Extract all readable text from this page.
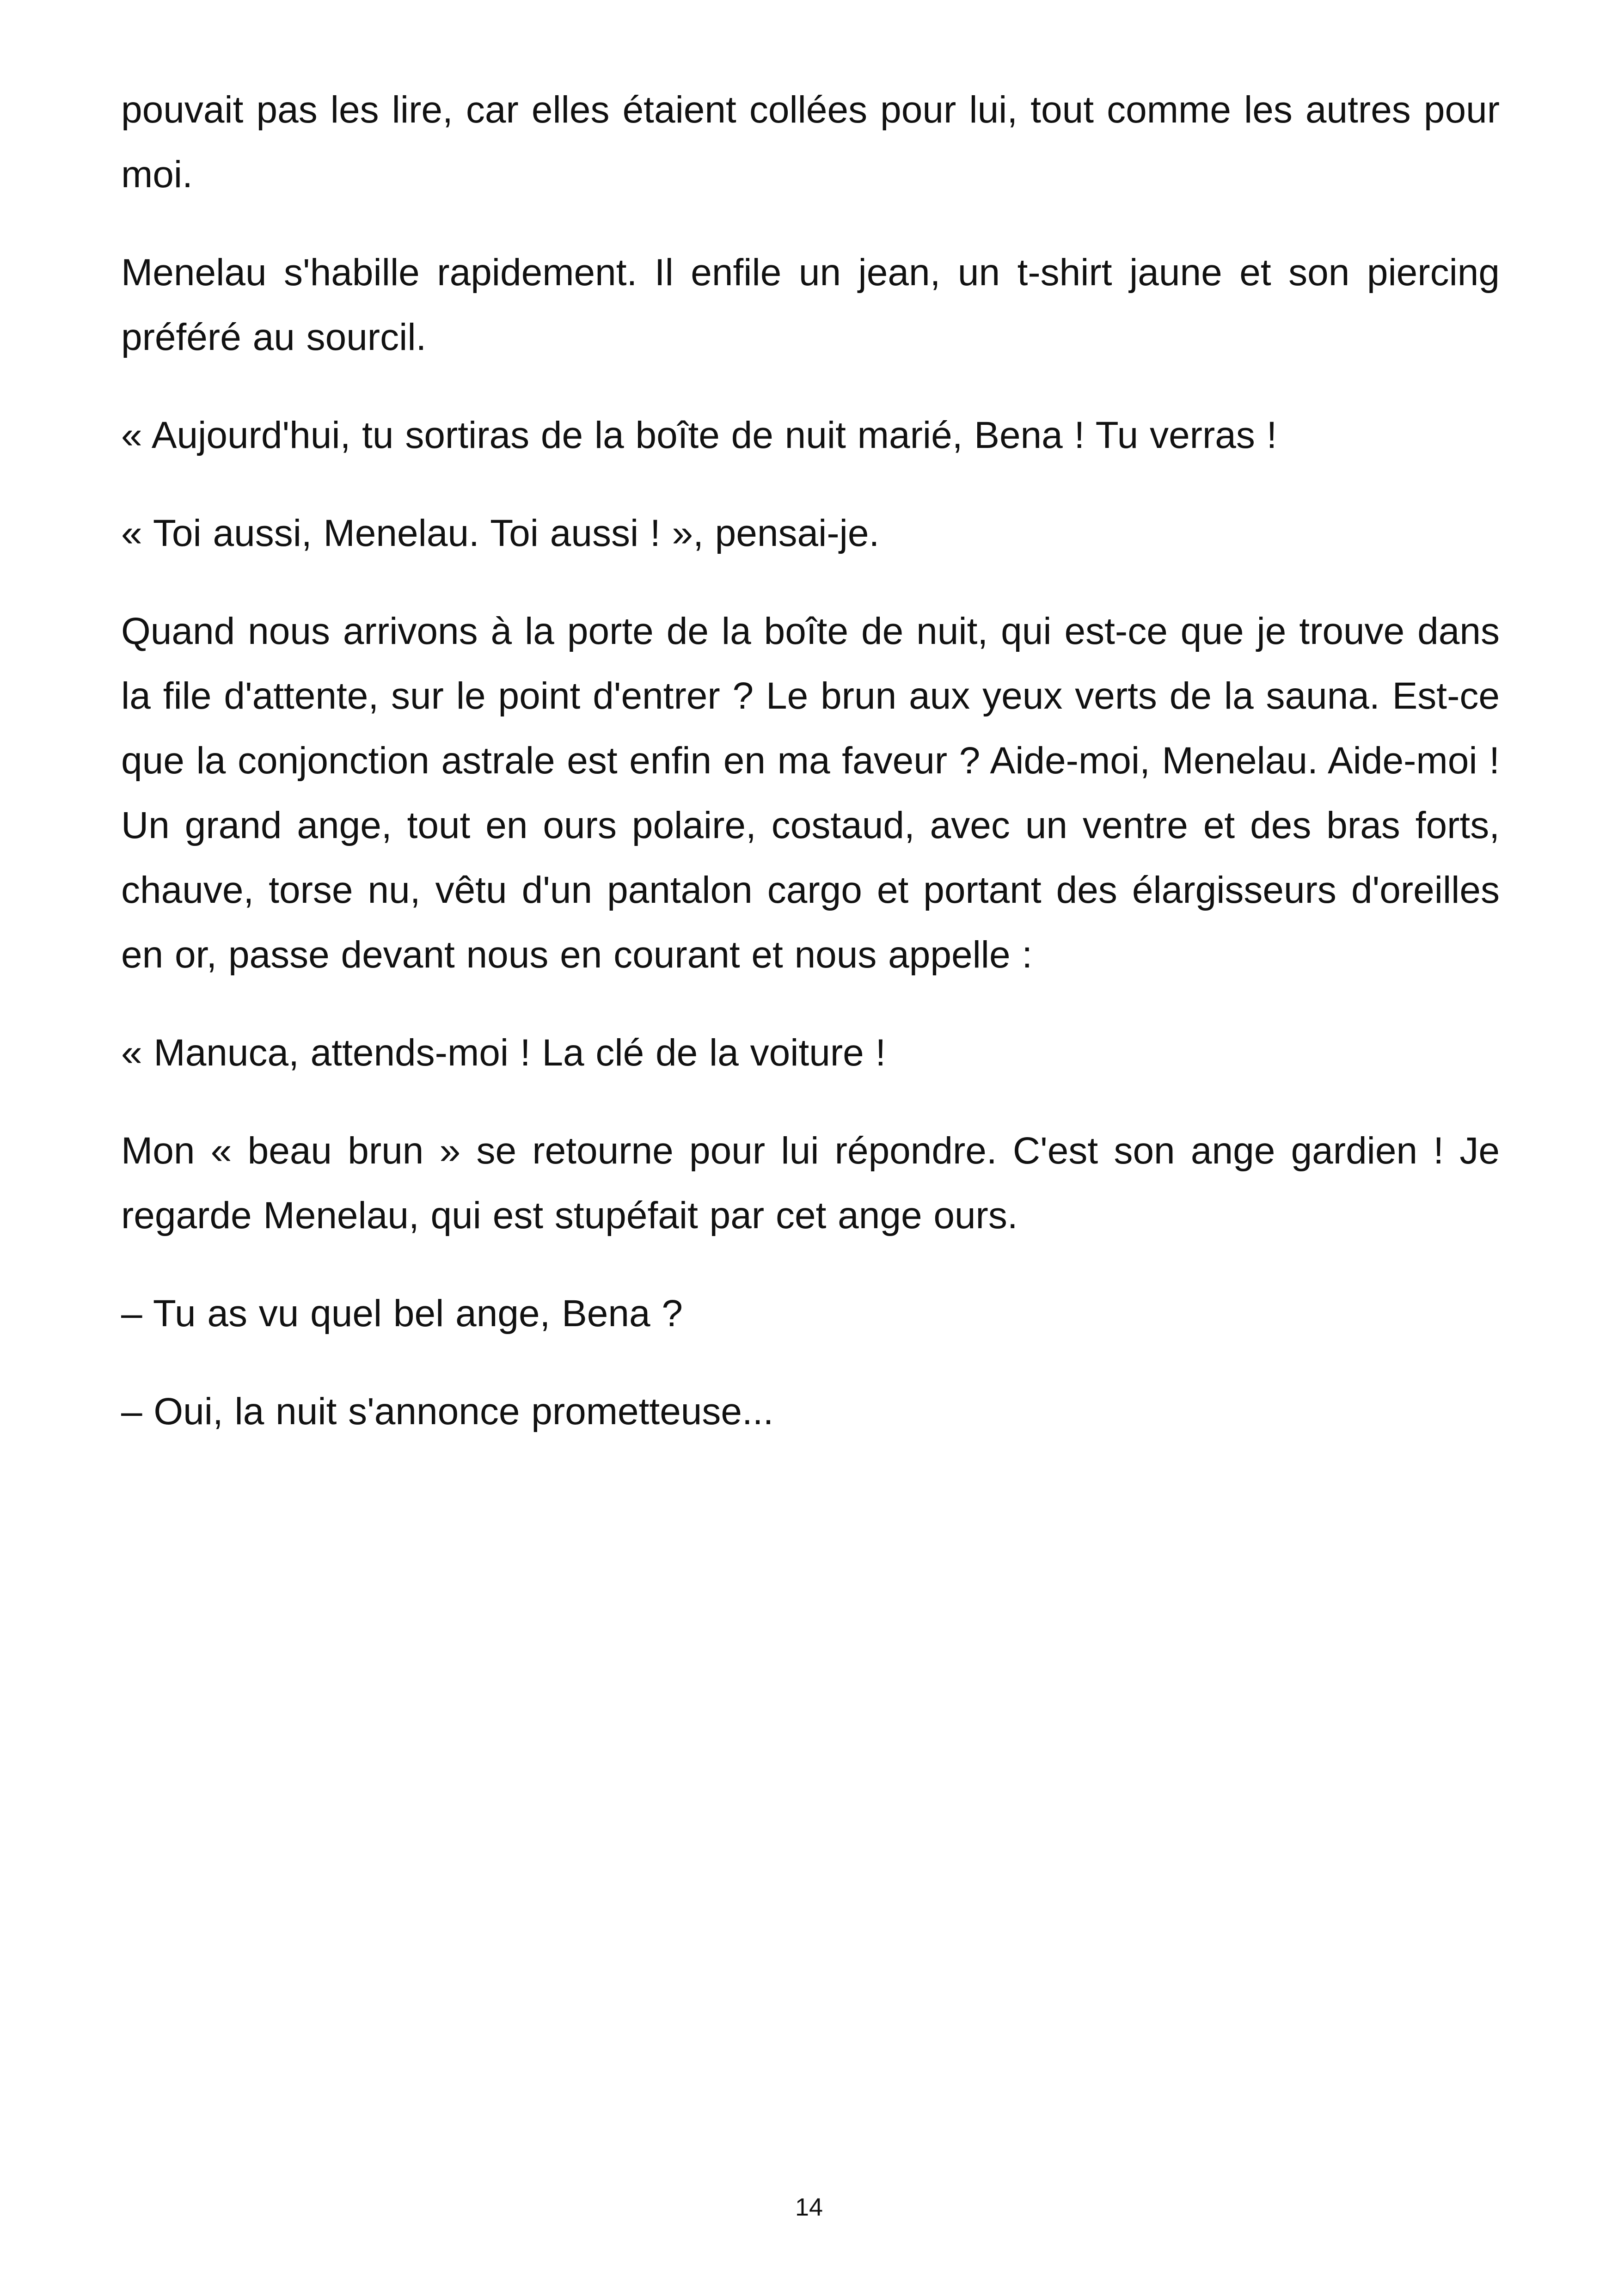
pouvait pas les lire, car elles étaient collées pour lui, tout comme les autres pour moi.

Menelau s'habille rapidement. Il enfile un jean, un t-shirt jaune et son piercing préféré au sourcil.

« Aujourd'hui, tu sortiras de la boîte de nuit marié, Bena ! Tu verras !

« Toi aussi, Menelau. Toi aussi ! », pensai-je.

Quand nous arrivons à la porte de la boîte de nuit, qui est-ce que je trouve dans la file d'attente, sur le point d'entrer ? Le brun aux yeux verts de la sauna. Est-ce que la conjonction astrale est enfin en ma faveur ? Aide-moi, Menelau. Aide-moi ! Un grand ange, tout en ours polaire, costaud, avec un ventre et des bras forts, chauve, torse nu, vêtu d'un pantalon cargo et portant des élargisseurs d'oreilles en or, passe devant nous en courant et nous appelle :

« Manuca, attends-moi ! La clé de la voiture !

Mon « beau brun » se retourne pour lui répondre. C'est son ange gardien ! Je regarde Menelau, qui est stupéfait par cet ange ours.

– Tu as vu quel bel ange, Bena ?

– Oui, la nuit s'annonce prometteuse...

14
